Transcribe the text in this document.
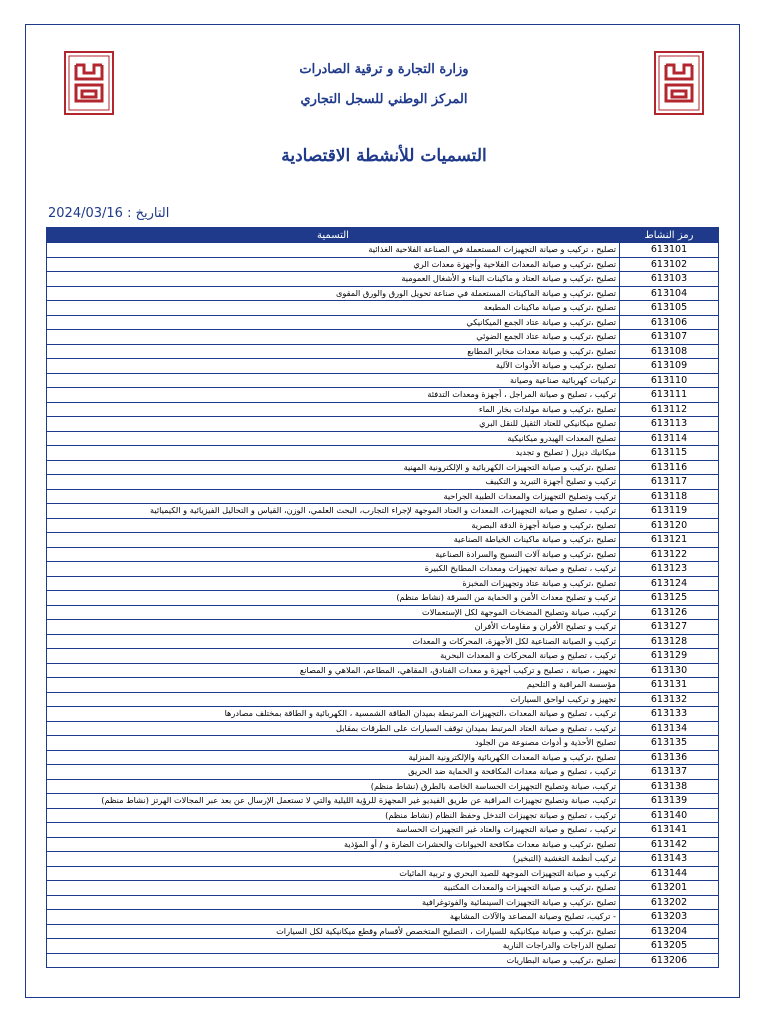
وزارة التجارة و ترقية الصادرات
المركز الوطني للسجل التجاري
التسميات للأنشطة الاقتصادية
التاريخ : 2024/03/16
رمز النشاط	التسمية
613101	تصليح ، تركيب و صيانة التجهيزات المستعملة في الصناعة الفلاحية الغذائية
613102	تصليح ،تركيب و صيانة المعدات الفلاحية وأجهزة معدات الري
613103	تصليح ،تركيب و صيانة العتاد و ماكينات البناء و الأشغال العمومية
613104	تصليح ،تركيب و صيانة الماكينات المستعملة في صناعة تحويل الورق والورق المقوى
613105	تصليح ،تركيب و صيانة ماكينات المطبعة
613106	تصليح ،تركيب و صيانة عتاد الجمع الميكانيكي
613107	تصليح ،تركيب و صيانة عتاد الجمع الضوئي
613108	تصليح ،تركيب و صيانة معدات مخابر المطابع
613109	تصليح ،تركيب و صيانة الأدوات الآلية
613110	تركيبات كهربائية صناعية وصيانة
613111	تركيب ، تصليح و صيانة المراجل ، أجهزة ومعدات التدفئة
613112	تصليح ،تركيب و صيانة مولدات بخار الماء
613113	تصليح ميكانيكي للعتاد الثقيل للنقل البري
613114	تصليح المعدات الهيدرو ميكانيكية
613115	ميكانيك ديزل ( تصليح و تجديد
613116	تصليح ،تركيب و صيانة التجهيزات الكهربائية و الإلكترونية المهنية
613117	تركيب و تصليح أجهزة التبريد و التكييف
613118	تركيب وتصليح التجهيزات والمعدات الطبية الجراحية
613119	تركيب ، تصليح و صيانة التجهيزات، المعدات و العتاد الموجهة لإجراء التجارب، البحث العلمي، الوزن، القياس و التحاليل الفيزيائية و الكيميائية
613120	تصليح ،تركيب و صيانة أجهزة الدقة البصرية
613121	تصليح ،تركيب و صيانة ماكينات الخياطة الصناعية
613122	تصليح ،تركيب و صيانة آلات النسيج والسرادة الصناعية
613123	تركيب ، تصليح و صيانة تجهيزات ومعدات المطابخ الكبيرة
613124	تصليح ،تركيب و صيانة عتاد وتجهيزات المخبزة
613125	تركيب و تصليح معدات الأمن و الحماية من السرقة (نشاط منظم)
613126	تركيب، صيانة وتصليح المضخات الموجهة لكل الإستعمالات
613127	تركيب و تصليح الأفران و مقاومات الأفران
613128	تركيب و الصيانة الصناعية لكل الأجهزة، المحركات و المعدات
613129	تركيب ، تصليح و صيانة المحركات و المعدات البحرية
613130	تجهيز ، صيانة ، تصليح و تركيب أجهزة و معدات الفنادق، المقاهي، المطاعم، الملاهي و المصانع
613131	مؤسسة المراقبة و التلحيم
613132	تجهيز و تركيب لواحق السيارات
613133	تركيب ، تصليح و صيانة المعدات ،التجهيزات المرتبطة بميدان الطاقة الشمسية ، الكهربائية و الطاقة بمختلف مصادرها
613134	تركيب ، تصليح و صيانة العتاد المرتبط بميدان توقف السيارات على الطرقات بمقابل
613135	تصليح الأحذية و أدوات مصنوعة من الجلود
613136	تصليح ،تركيب و صيانة المعدات الكهربائية والإلكترونية المنزلية
613137	تركيب ، تصليح و صيانة معدات المكافحة و الحماية ضد الحريق
613138	تركيب، صيانة وتصليح التجهيزات الحساسة الخاصة بالطرق (نشاط منظم)
613139	تركيب، صيانة وتصليح تجهيزات المراقبة عن طريق الفيديو غير المجهزة للرؤية الليلية والتي لا تستعمل الإرسال عن بعد عبر المجالات الهرتز (نشاط منظم)
613140	تركيب ، تصليح و صيانة تجهيزات التدخل وحفظ النظام (نشاط منظم)
613141	تركيب ، تصليح و صيانة التجهيزات والعتاد غير التجهيزات الحساسة
613142	تصليح ،تركيب و صيانة معدات مكافحة الحيوانات والحشرات الضارة و / أو المؤذية
613143	تركيب أنظمة التغشية (التبخير)
613144	تركيب و صيانة التجهيزات الموجهة للصيد البحري و تربية المائيات
613201	تصليح ،تركيب و صيانة التجهيزات والمعدات المكتبية
613202	تصليح ،تركيب و صيانة التجهيزات السينمائية والفوتوغرافية
613203	- تركيب، تصليح وصيانة المصاعد والآلات المشابهة
613204	تصليح ،تركيب و صيانة ميكانيكية للسيارات ، التصليح المتخصص لأقسام وقطع ميكانيكية لكل السيارات
613205	تصليح الدراجات والدراجات النارية
613206	تصليح ،تركيب و صيانة البطاريات
